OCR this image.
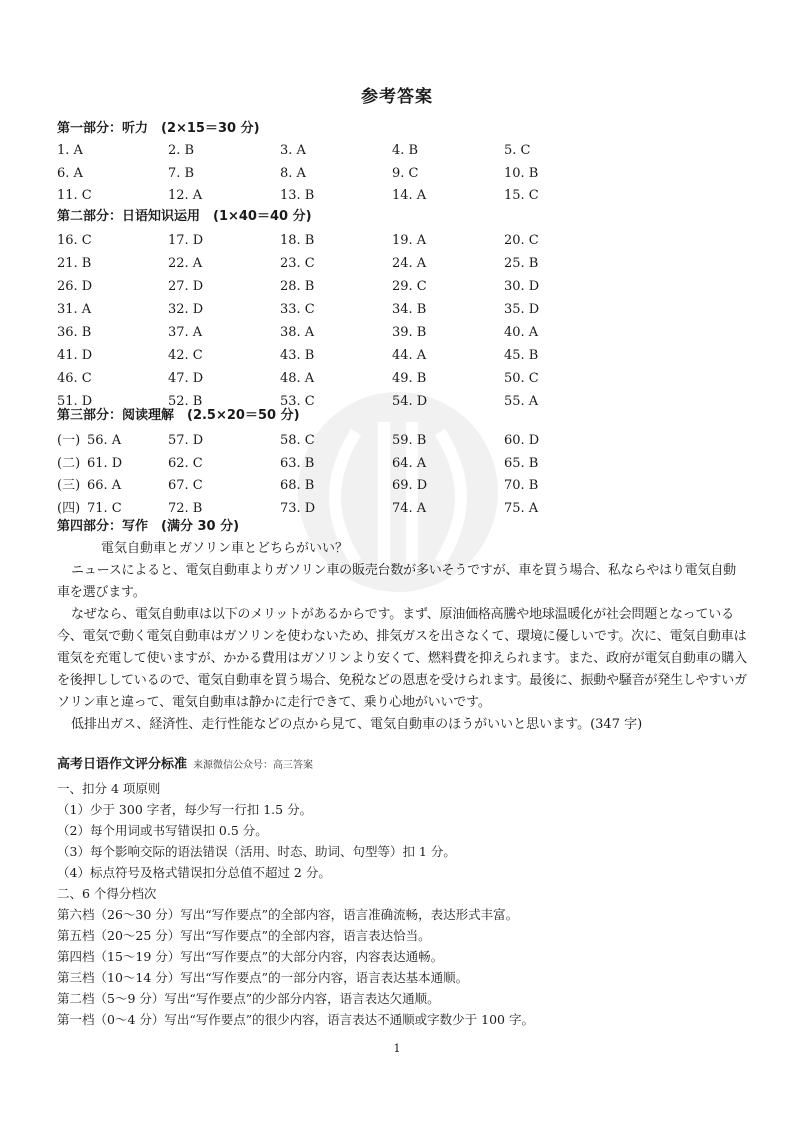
参考答案
第一部分：听力　(2×15＝30 分)
1. A	2. B	3. A	4. B	5. C
6. A	7. B	8. A	9. C	10. B
11. C	12. A	13. B	14. A	15. C
第二部分：日语知识运用　(1×40＝40 分)
16. C	17. D	18. B	19. A	20. C
21. B	22. A	23. C	24. A	25. B
26. D	27. D	28. B	29. C	30. D
31. A	32. D	33. C	34. B	35. D
36. B	37. A	38. A	39. B	40. A
41. D	42. C	43. B	44. A	45. B
46. C	47. D	48. A	49. B	50. C
51. D	52. B	53. C	54. D	55. A
第三部分：阅读理解　(2.5×20＝50 分)
(一) 56. A	57. D	58. C	59. B	60. D
(二) 61. D	62. C	63. B	64. A	65. B
(三) 66. A	67. C	68. B	69. D	70. B
(四) 71. C	72. B	73. D	74. A	75. A
第四部分：写作　(满分 30 分)

電気自動車とガソリン車とどちらがいい？

ニュースによると、電気自動車よりガソリン車の販売台数が多いそうですが、車を買う場合、私ならやはり電気自動車を選びます。

なぜなら、電気自動車は以下のメリットがあるからです。まず、原油価格高騰や地球温暖化が社会問題となっている今、電気で動く電気自動車はガソリンを使わないため、排気ガスを出さなくて、環境に優しいです。次に、電気自動車は電気を充電して使いますが、かかる費用はガソリンより安くて、燃料費を抑えられます。また、政府が電気自動車の購入を後押ししているので、電気自動車を買う場合、免税などの恩恵を受けられます。最後に、振動や騒音が発生しやすいガソリン車と違って、電気自動車は静かに走行できて、乗り心地がいいです。

低排出ガス、経済性、走行性能などの点から見て、電気自動車のほうがいいと思います。(347 字)

高考日语作文评分标准 来源微信公众号：高三答案
一、扣分 4 项原则
（1）少于 300 字者，每少写一行扣 1.5 分。
（2）每个用词或书写错误扣 0.5 分。
（3）每个影响交际的语法错误（活用、时态、助词、句型等）扣 1 分。
（4）标点符号及格式错误扣分总值不超过 2 分。
二、6 个得分档次
第六档（26～30 分）写出“写作要点”的全部内容，语言准确流畅，表达形式丰富。
第五档（20～25 分）写出“写作要点”的全部内容，语言表达恰当。
第四档（15～19 分）写出“写作要点”的大部分内容，内容表达通畅。
第三档（10～14 分）写出“写作要点”的一部分内容，语言表达基本通顺。
第二档（5～9 分）写出“写作要点”的少部分内容，语言表达欠通顺。
第一档（0～4 分）写出“写作要点”的很少内容，语言表达不通顺或字数少于 100 字。
1
